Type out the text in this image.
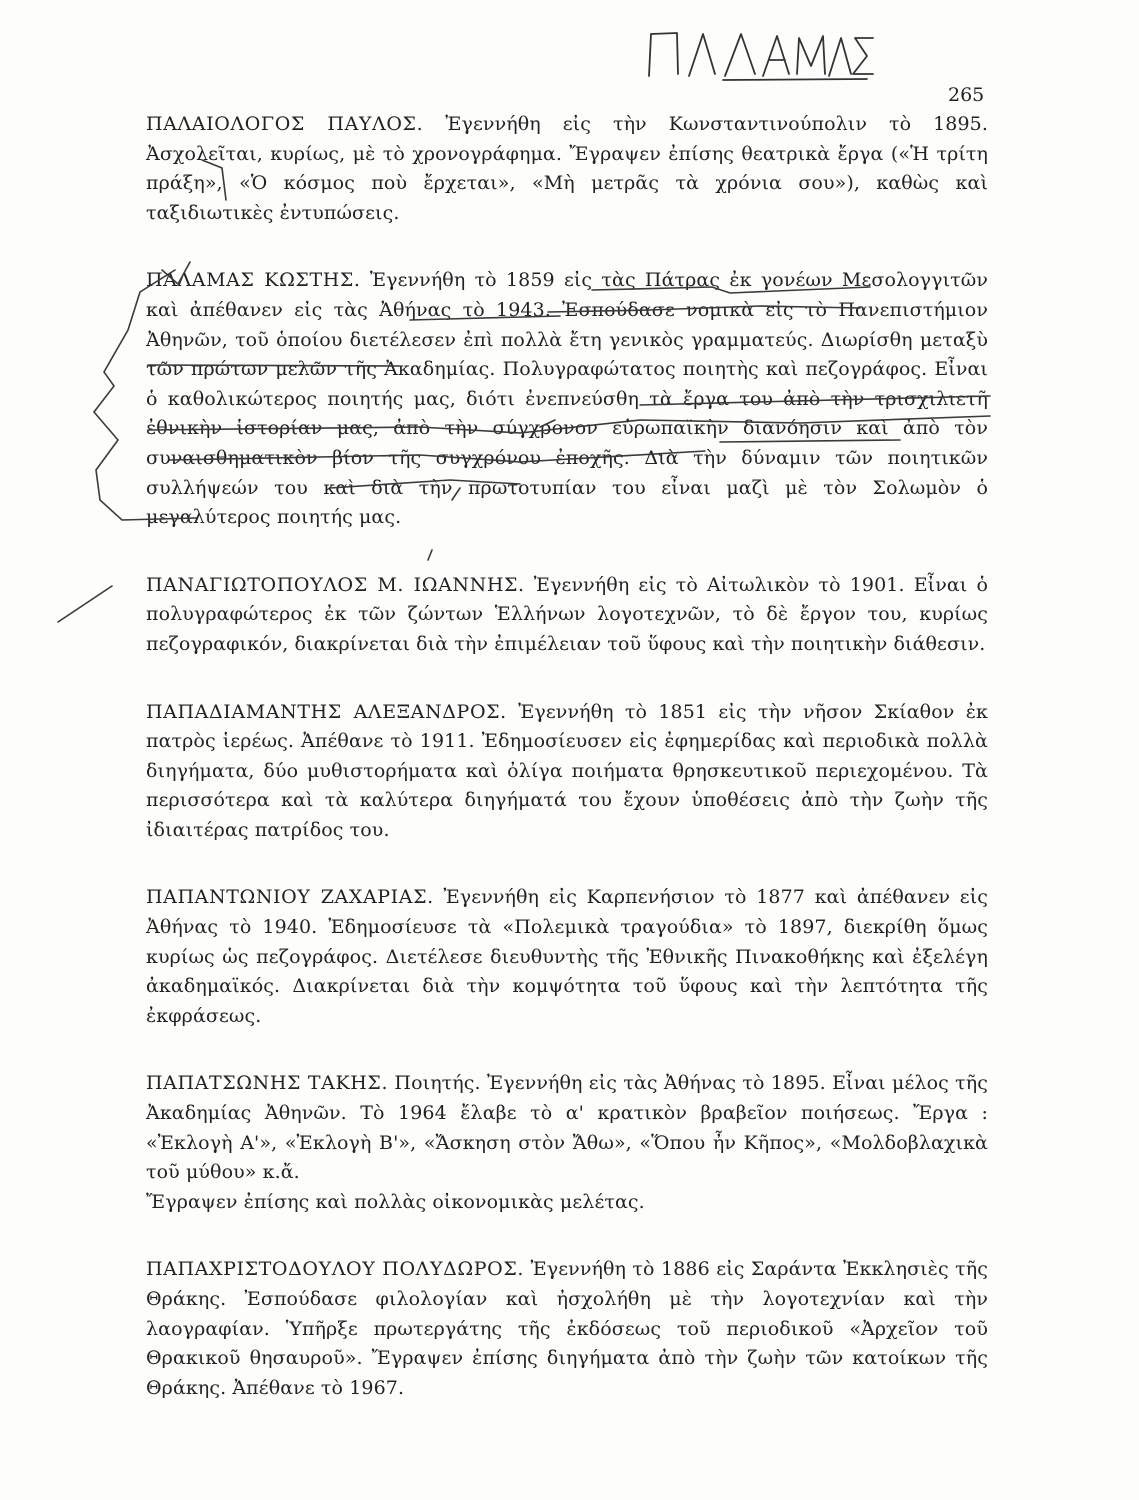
265

ΠΑΛΑΙΟΛΟΓΟΣ ΠΑΥΛΟΣ. Ἐγεννήθη εἰς τὴν Κωνσταντινούπολιν τὸ 1895. Ἀσχολεῖται, κυρίως, μὲ τὸ χρονογράφημα. Ἔγραψεν ἐπίσης θεατρικὰ ἔργα («Ἡ τρίτη πράξη», «Ὁ κόσμος ποὺ ἔρχεται», «Μὴ μετρᾶς τὰ χρόνια σου»), καθὼς καὶ ταξιδιωτικὲς ἐντυπώσεις.

ΠΑΛΑΜΑΣ ΚΩΣΤΗΣ. Ἐγεννήθη τὸ 1859 εἰς τὰς Πάτρας ἐκ γονέων Μεσολογγιτῶν καὶ ἀπέθανεν εἰς τὰς Ἀθήνας τὸ 1943. Ἐσπούδασε νομικὰ εἰς τὸ Πανεπιστήμιον Ἀθηνῶν, τοῦ ὁποίου διετέλεσεν ἐπὶ πολλὰ ἔτη γενικὸς γραμματεύς. Διωρίσθη μεταξὺ τῶν πρώτων μελῶν τῆς Ἀκαδημίας. Πολυγραφώτατος ποιητὴς καὶ πεζογράφος. Εἶναι ὁ καθολικώτερος ποιητής μας, διότι ἐνεπνεύσθη τὰ ἔργα του ἀπὸ τὴν τρισχιλιετῆ ἐθνικὴν ἱστορίαν μας, ἀπὸ τὴν σύγχρονον εὐρωπαϊκὴν διανόησιν καὶ ἀπὸ τὸν συναισθηματικὸν βίον τῆς συγχρόνου ἐποχῆς. Διὰ τὴν δύναμιν τῶν ποιητικῶν συλλήψεών του καὶ διὰ τὴν πρωτοτυπίαν του εἶναι μαζὶ μὲ τὸν Σολωμὸν ὁ μεγαλύτερος ποιητής μας.

ΠΑΝΑΓΙΩΤΟΠΟΥΛΟΣ Μ. ΙΩΑΝΝΗΣ. Ἐγεννήθη εἰς τὸ Αἰτωλικὸν τὸ 1901. Εἶναι ὁ πολυγραφώτερος ἐκ τῶν ζώντων Ἑλλήνων λογοτεχνῶν, τὸ δὲ ἔργον του, κυρίως πεζογραφικόν, διακρίνεται διὰ τὴν ἐπιμέλειαν τοῦ ὕφους καὶ τὴν ποιητικὴν διάθεσιν.

ΠΑΠΑΔΙΑΜΑΝΤΗΣ ΑΛΕΞΑΝΔΡΟΣ. Ἐγεννήθη τὸ 1851 εἰς τὴν νῆσον Σκίαθον ἐκ πατρὸς ἱερέως. Ἀπέθανε τὸ 1911. Ἐδημοσίευσεν εἰς ἐφημερίδας καὶ περιοδικὰ πολλὰ διηγήματα, δύο μυθιστορήματα καὶ ὀλίγα ποιήματα θρησκευτικοῦ περιεχομένου. Τὰ περισσότερα καὶ τὰ καλύτερα διηγήματά του ἔχουν ὑποθέσεις ἀπὸ τὴν ζωὴν τῆς ἰδιαιτέρας πατρίδος του.

ΠΑΠΑΝΤΩΝΙΟΥ ΖΑΧΑΡΙΑΣ. Ἐγεννήθη εἰς Καρπενήσιον τὸ 1877 καὶ ἀπέθανεν εἰς Ἀθήνας τὸ 1940. Ἐδημοσίευσε τὰ «Πολεμικὰ τραγούδια» τὸ 1897, διεκρίθη ὅμως κυρίως ὡς πεζογράφος. Διετέλεσε διευθυντὴς τῆς Ἐθνικῆς Πινακοθήκης καὶ ἐξελέγη ἀκαδημαϊκός. Διακρίνεται διὰ τὴν κομψότητα τοῦ ὕφους καὶ τὴν λεπτότητα τῆς ἐκφράσεως.

ΠΑΠΑΤΣΩΝΗΣ ΤΑΚΗΣ. Ποιητής. Ἐγεννήθη εἰς τὰς Ἀθήνας τὸ 1895. Εἶναι μέλος τῆς Ἀκαδημίας Ἀθηνῶν. Τὸ 1964 ἔλαβε τὸ α' κρατικὸν βραβεῖον ποιήσεως. Ἔργα : «Ἐκλογὴ Α'», «Ἐκλογὴ Β'», «Ἄσκηση στὸν Ἄθω», «Ὅπου ἦν Κῆπος», «Μολδοβλαχικὰ τοῦ μύθου» κ.ἄ.
Ἔγραψεν ἐπίσης καὶ πολλὰς οἰκονομικὰς μελέτας.

ΠΑΠΑΧΡΙΣΤΟΔΟΥΛΟΥ ΠΟΛΥΔΩΡΟΣ. Ἐγεννήθη τὸ 1886 εἰς Σαράντα Ἐκκλησιὲς τῆς Θράκης. Ἐσπούδασε φιλολογίαν καὶ ἠσχολήθη μὲ τὴν λογοτεχνίαν καὶ τὴν λαογραφίαν. Ὑπῆρξε πρωτεργάτης τῆς ἐκδόσεως τοῦ περιοδικοῦ «Ἀρχεῖον τοῦ Θρακικοῦ θησαυροῦ». Ἔγραψεν ἐπίσης διηγήματα ἀπὸ τὴν ζωὴν τῶν κατοίκων τῆς Θράκης. Ἀπέθανε τὸ 1967.
